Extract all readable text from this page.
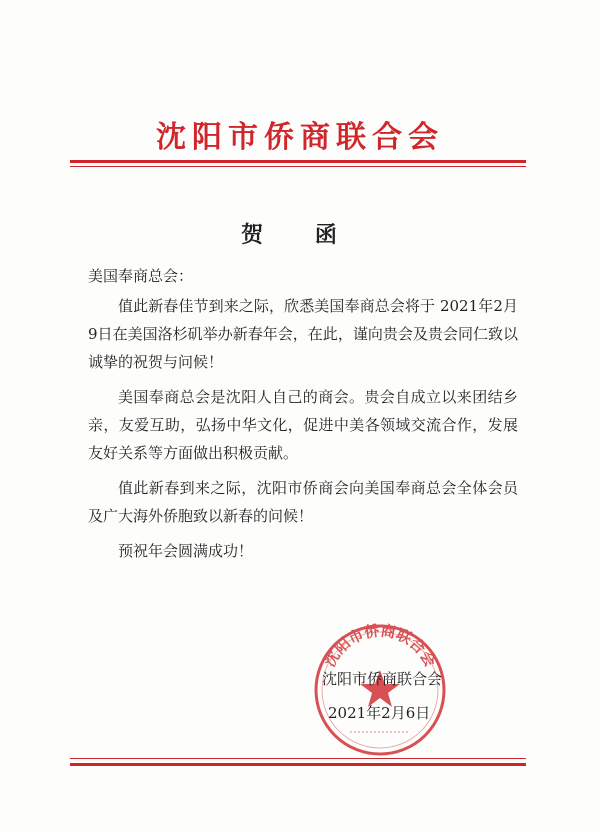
沈阳市侨商联合会
贺 函
美国奉商总会：

值此新春佳节到来之际，欣悉美国奉商总会将于 2021年2月9日在美国洛杉矶举办新春年会，在此，谨向贵会及贵会同仁致以诚挚的祝贺与问候！

美国奉商总会是沈阳人自己的商会。贵会自成立以来团结乡亲，友爱互助，弘扬中华文化，促进中美各领域交流合作，发展友好关系等方面做出积极贡献。

值此新春到来之际，沈阳市侨商会向美国奉商总会全体会员及广大海外侨胞致以新春的问候！

预祝年会圆满成功！

沈阳市侨商联合会
沈阳市侨商联合会
2021年2月6日
